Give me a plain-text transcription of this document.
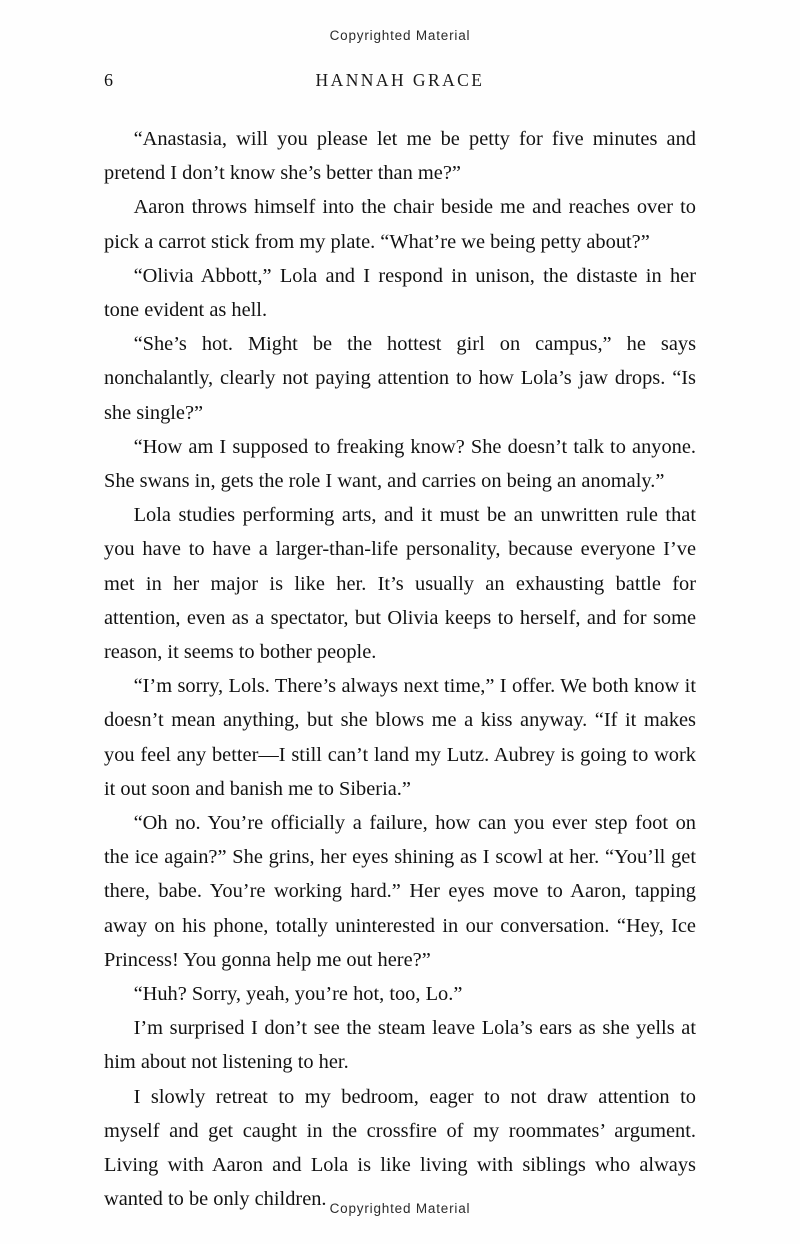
Copyrighted Material
6	HANNAH GRACE

“Anastasia, will you please let me be petty for five minutes and pretend I don’t know she’s better than me?”

Aaron throws himself into the chair beside me and reaches over to pick a carrot stick from my plate. “What’re we being petty about?”

“Olivia Abbott,” Lola and I respond in unison, the distaste in her tone evident as hell.

“She’s hot. Might be the hottest girl on campus,” he says nonchalantly, clearly not paying attention to how Lola’s jaw drops. “Is she single?”

“How am I supposed to freaking know? She doesn’t talk to anyone. She swans in, gets the role I want, and carries on being an anomaly.”

Lola studies performing arts, and it must be an unwritten rule that you have to have a larger-than-life personality, because everyone I’ve met in her major is like her. It’s usually an exhausting battle for attention, even as a spectator, but Olivia keeps to herself, and for some reason, it seems to bother people.

“I’m sorry, Lols. There’s always next time,” I offer. We both know it doesn’t mean anything, but she blows me a kiss anyway. “If it makes you feel any better—I still can’t land my Lutz. Aubrey is going to work it out soon and banish me to Siberia.”

“Oh no. You’re officially a failure, how can you ever step foot on the ice again?” She grins, her eyes shining as I scowl at her. “You’ll get there, babe. You’re working hard.” Her eyes move to Aaron, tapping away on his phone, totally uninterested in our conversation. “Hey, Ice Princess! You gonna help me out here?”

“Huh? Sorry, yeah, you’re hot, too, Lo.”

I’m surprised I don’t see the steam leave Lola’s ears as she yells at him about not listening to her.

I slowly retreat to my bedroom, eager to not draw attention to myself and get caught in the crossfire of my roommates’ argument. Living with Aaron and Lola is like living with siblings who always wanted to be only children. Copyrighted Material
